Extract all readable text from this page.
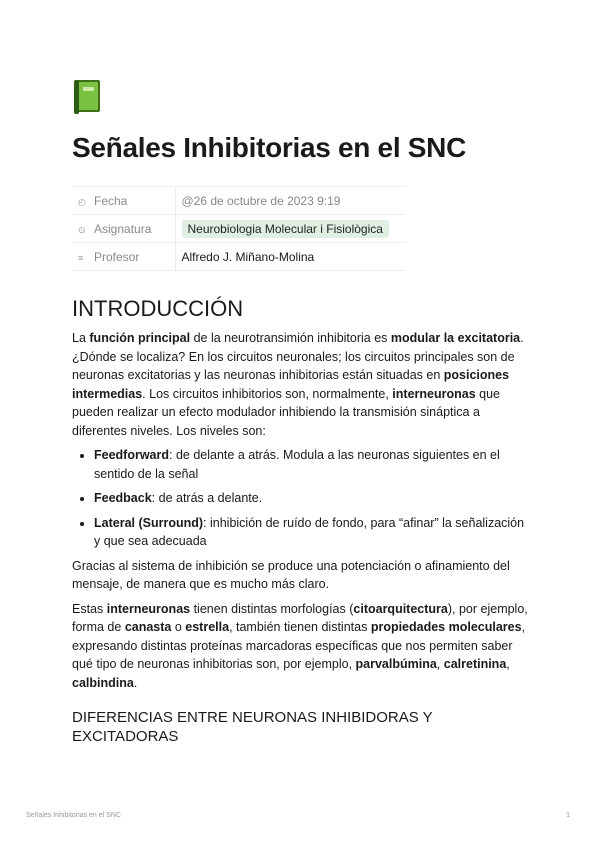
Señales Inhibitorias en el SNC
◴ Fecha	@26 de octubre de 2023 9:19
⊙ Asignatura	Neurobiologia Molecular i Fisiològica
≡ Profesor	Alfredo J. Miñano-Molina
INTRODUCCIÓN

La función principal de la neurotransimión inhibitoria es modular la excitatoria. ¿Dónde se localiza? En los circuitos neuronales; los circuitos principales son de neuronas excitatorias y las neuronas inhibitorias están situadas en posiciones intermedias. Los circuitos inhibitorios son, normalmente, interneuronas que pueden realizar un efecto modulador inhibiendo la transmisión sináptica a diferentes niveles. Los niveles son:

• Feedforward: de delante a atrás. Modula a las neuronas siguientes en el sentido de la señal
• Feedback: de atrás a delante.
• Lateral (Surround): inhibición de ruído de fondo, para “afinar” la señalización y que sea adecuada

Gracias al sistema de inhibición se produce una potenciación o afinamiento del mensaje, de manera que es mucho más claro.

Estas interneuronas tienen distintas morfologías (citoarquitectura), por ejemplo, forma de canasta o estrella, también tienen distintas propiedades moleculares, expresando distintas proteínas marcadoras específicas que nos permiten saber qué tipo de neuronas inhibitorias son, por ejemplo, parvalbúmina, calretinina, calbindina.

DIFERENCIAS ENTRE NEURONAS INHIBIDORAS Y EXCITADORAS
Señales Inhibitorias en el SNC	1
